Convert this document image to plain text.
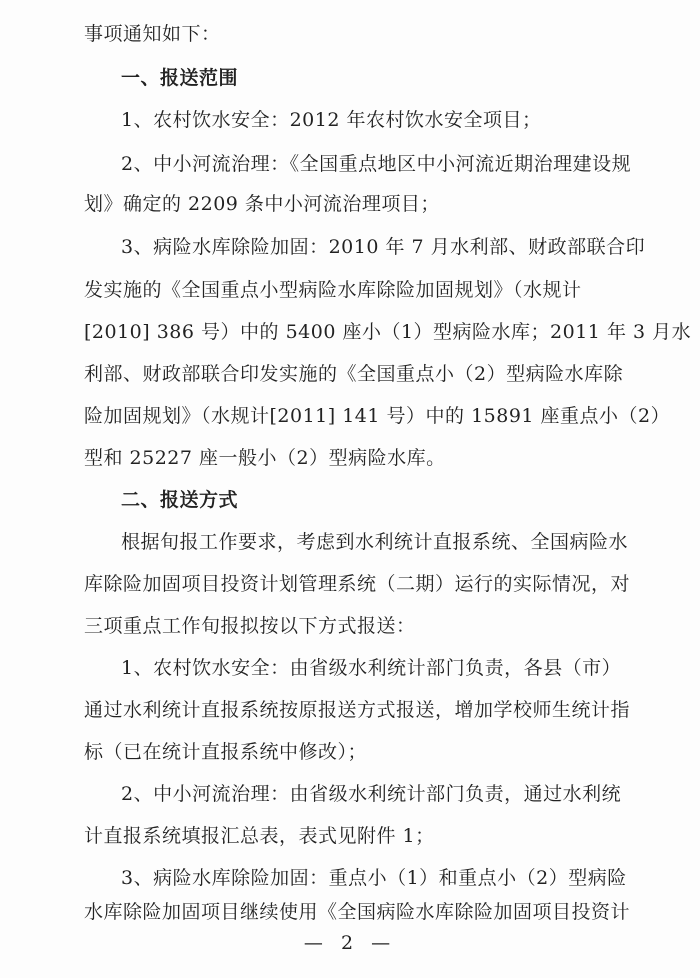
事项通知如下：
一、报送范围
1、农村饮水安全：2012 年农村饮水安全项目；
2、中小河流治理：《全国重点地区中小河流近期治理建设规
划》确定的 2209 条中小河流治理项目；
3、病险水库除险加固：2010 年 7 月水利部、财政部联合印
发实施的《全国重点小型病险水库除险加固规划》（水规计
[2010] 386 号）中的 5400 座小（1）型病险水库；2011 年 3 月水
利部、财政部联合印发实施的《全国重点小（2）型病险水库除
险加固规划》（水规计[2011] 141 号）中的 15891 座重点小（2）
型和 25227 座一般小（2）型病险水库。
二、报送方式
根据旬报工作要求，考虑到水利统计直报系统、全国病险水
库除险加固项目投资计划管理系统（二期）运行的实际情况，对
三项重点工作旬报拟按以下方式报送：
1、农村饮水安全：由省级水利统计部门负责，各县（市）
通过水利统计直报系统按原报送方式报送，增加学校师生统计指
标（已在统计直报系统中修改）；
2、中小河流治理：由省级水利统计部门负责，通过水利统
计直报系统填报汇总表，表式见附件 1；
3、病险水库除险加固：重点小（1）和重点小（2）型病险
水库除险加固项目继续使用《全国病险水库除险加固项目投资计
— 2 —
